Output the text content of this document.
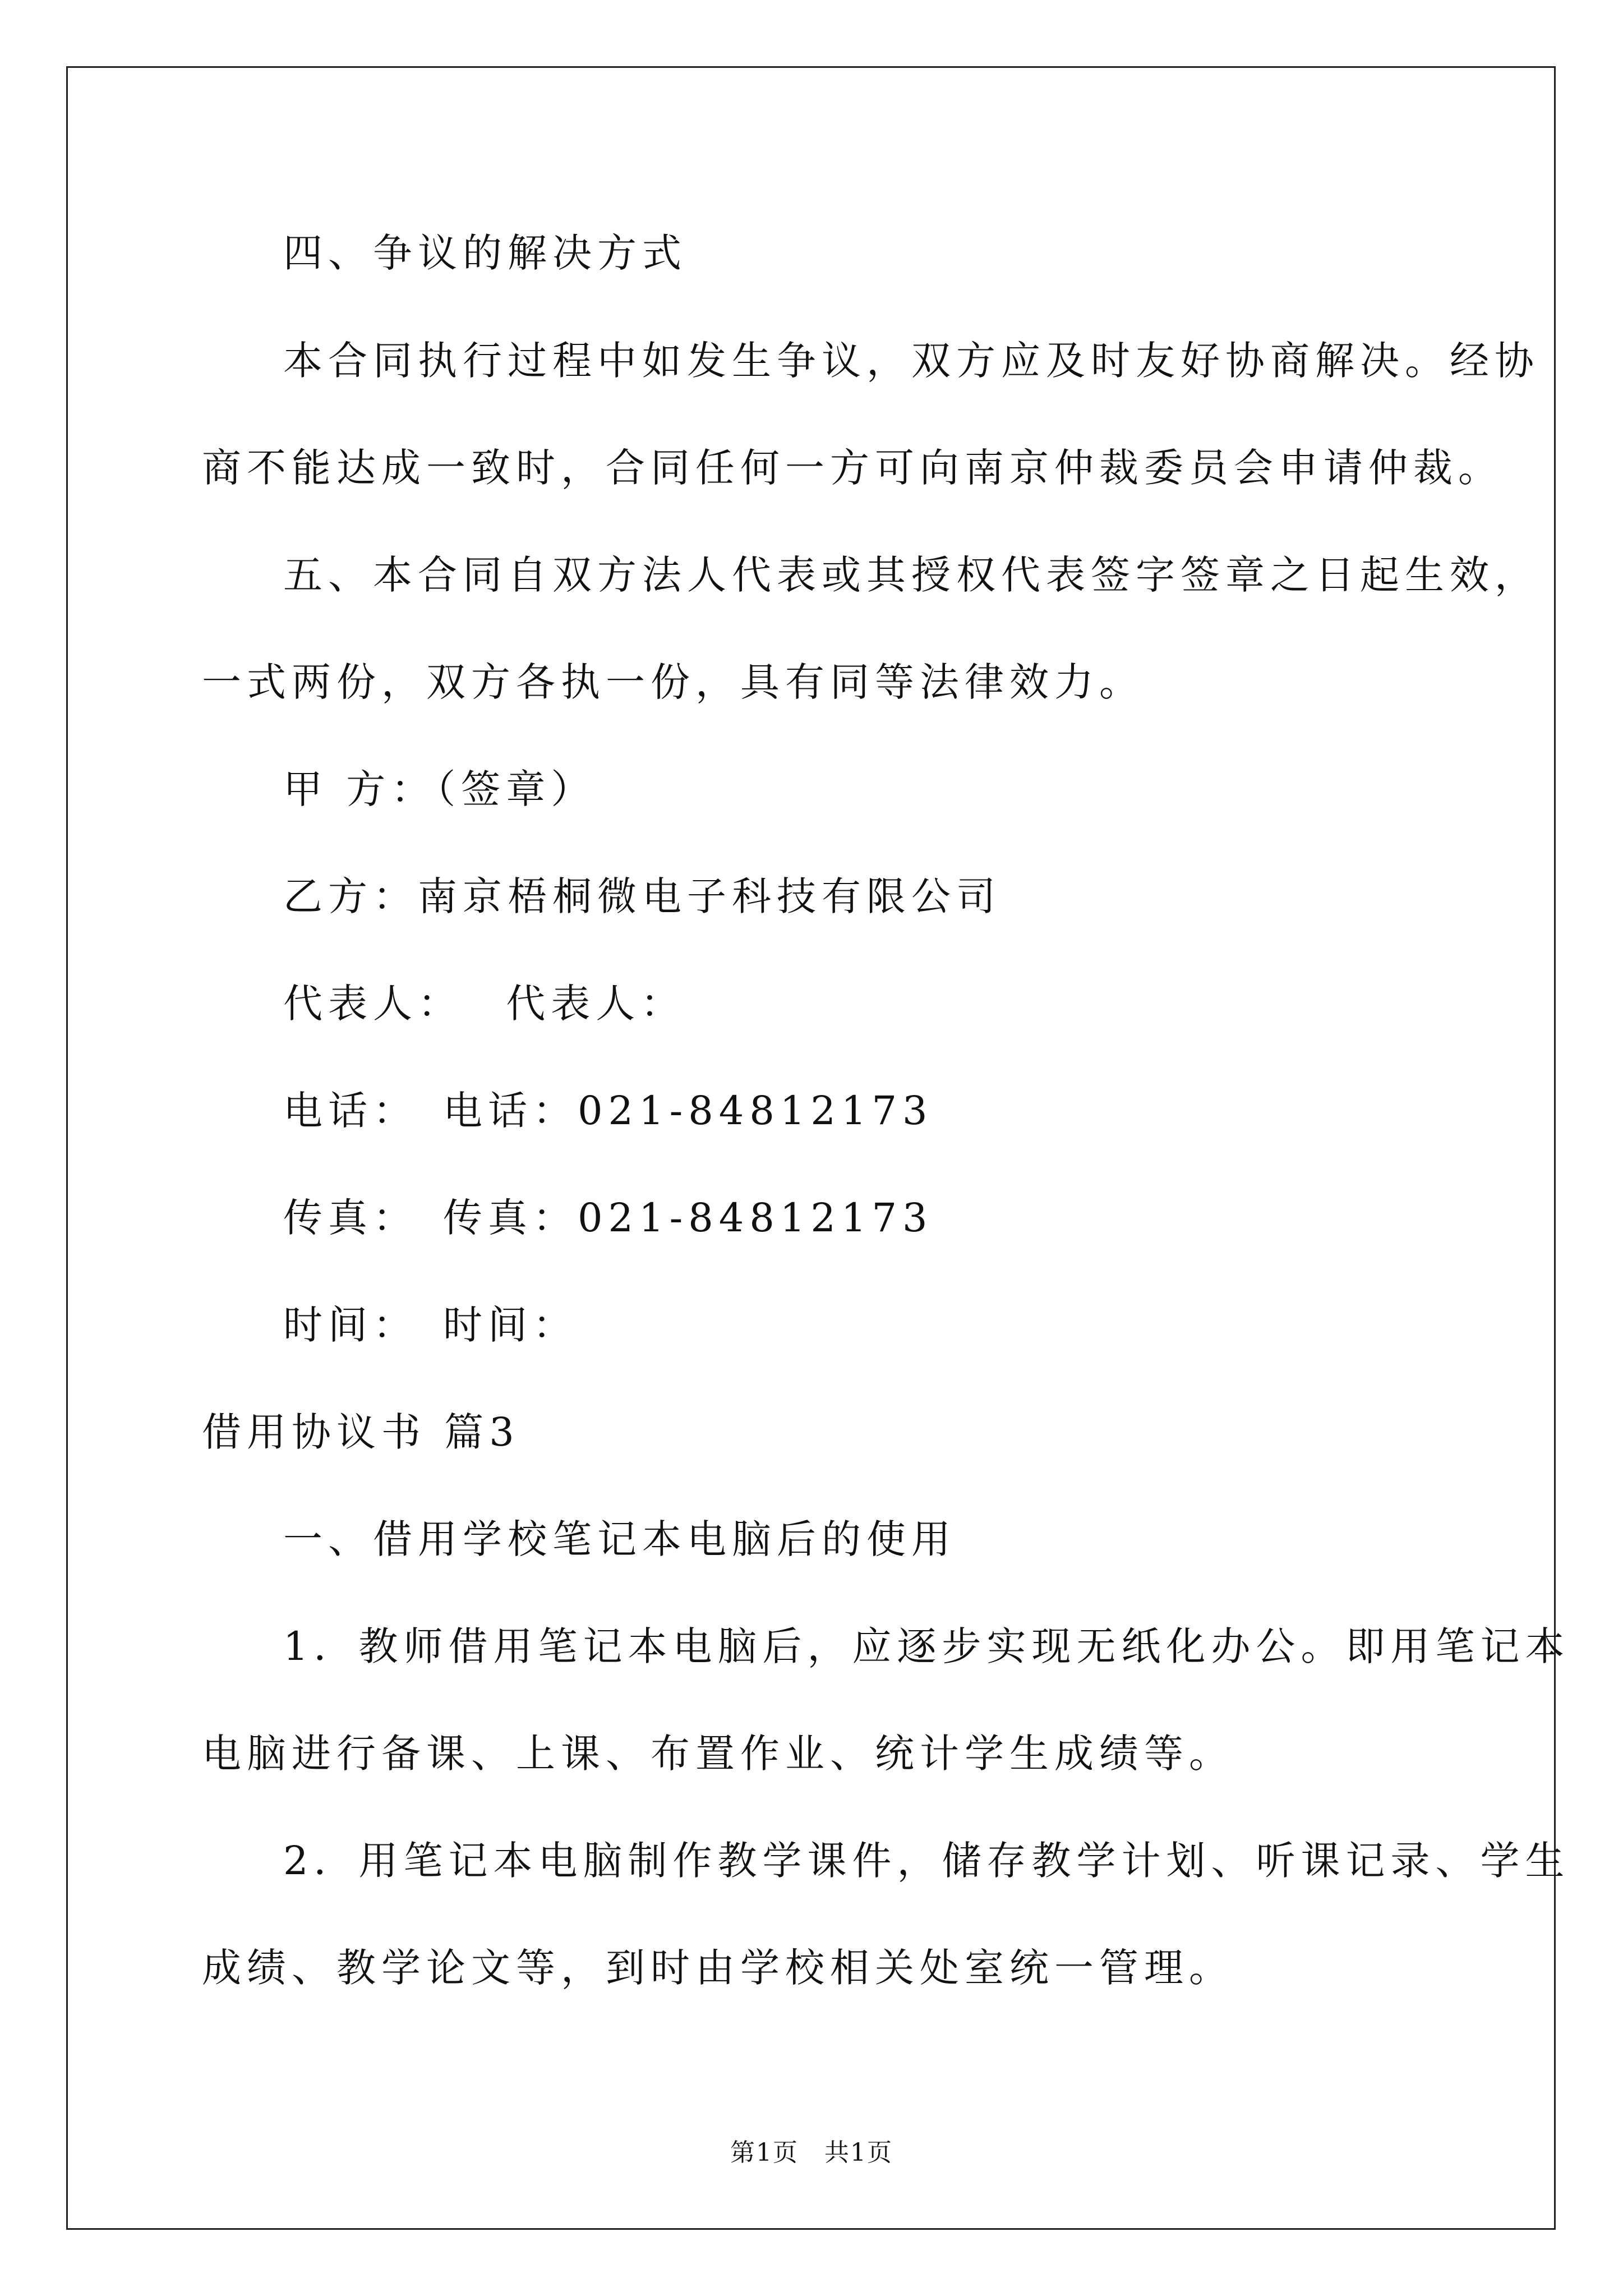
四、争议的解决方式
本合同执行过程中如发生争议，双方应及时友好协商解决。经协
商不能达成一致时，合同任何一方可向南京仲裁委员会申请仲裁。
五、本合同自双方法人代表或其授权代表签字签章之日起生效，
一式两份，双方各执一份，具有同等法律效力。
甲 方：（签章）
乙方：南京梧桐微电子科技有限公司
代表人：　 代表人：
电话：　电话：021-84812173
传真：　传真：021-84812173
时间：　时间：
借用协议书 篇3
一、借用学校笔记本电脑后的使用
1．教师借用笔记本电脑后，应逐步实现无纸化办公。即用笔记本
电脑进行备课、上课、布置作业、统计学生成绩等。
2．用笔记本电脑制作教学课件，储存教学计划、听课记录、学生
成绩、教学论文等，到时由学校相关处室统一管理。
第1页　共1页
